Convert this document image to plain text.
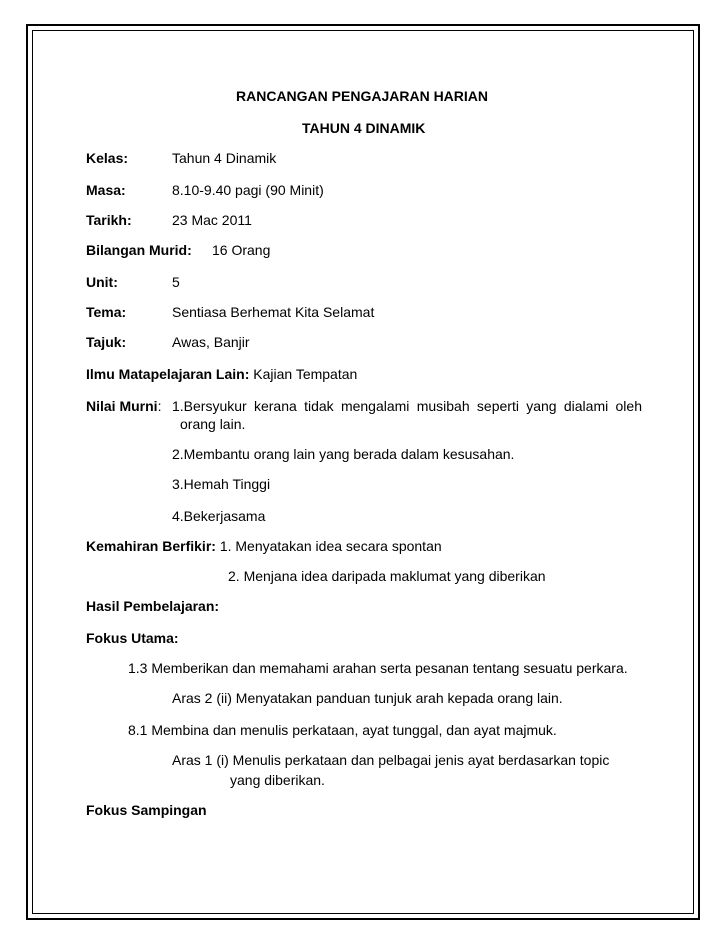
RANCANGAN PENGAJARAN HARIAN
TAHUN 4 DINAMIK
Kelas:	Tahun 4 Dinamik
Masa:	8.10-9.40 pagi (90 Minit)
Tarikh:	23 Mac 2011
Bilangan Murid: 16 Orang
Unit:	5
Tema:	Sentiasa Berhemat Kita Selamat
Tajuk:	Awas, Banjir
Ilmu Matapelajaran Lain: Kajian Tempatan
Nilai Murni: 1.Bersyukur kerana tidak mengalami musibah seperti yang dialami oleh
orang lain.
2.Membantu orang lain yang berada dalam kesusahan.
3.Hemah Tinggi
4.Bekerjasama
Kemahiran Berfikir: 1. Menyatakan idea secara spontan
2. Menjana idea daripada maklumat yang diberikan
Hasil Pembelajaran:
Fokus Utama:
1.3 Memberikan dan memahami arahan serta pesanan tentang sesuatu perkara.
Aras 2 (ii) Menyatakan panduan tunjuk arah kepada orang lain.
8.1 Membina dan menulis perkataan, ayat tunggal, dan ayat majmuk.
Aras 1 (i) Menulis perkataan dan pelbagai jenis ayat berdasarkan topic
yang diberikan.
Fokus Sampingan
